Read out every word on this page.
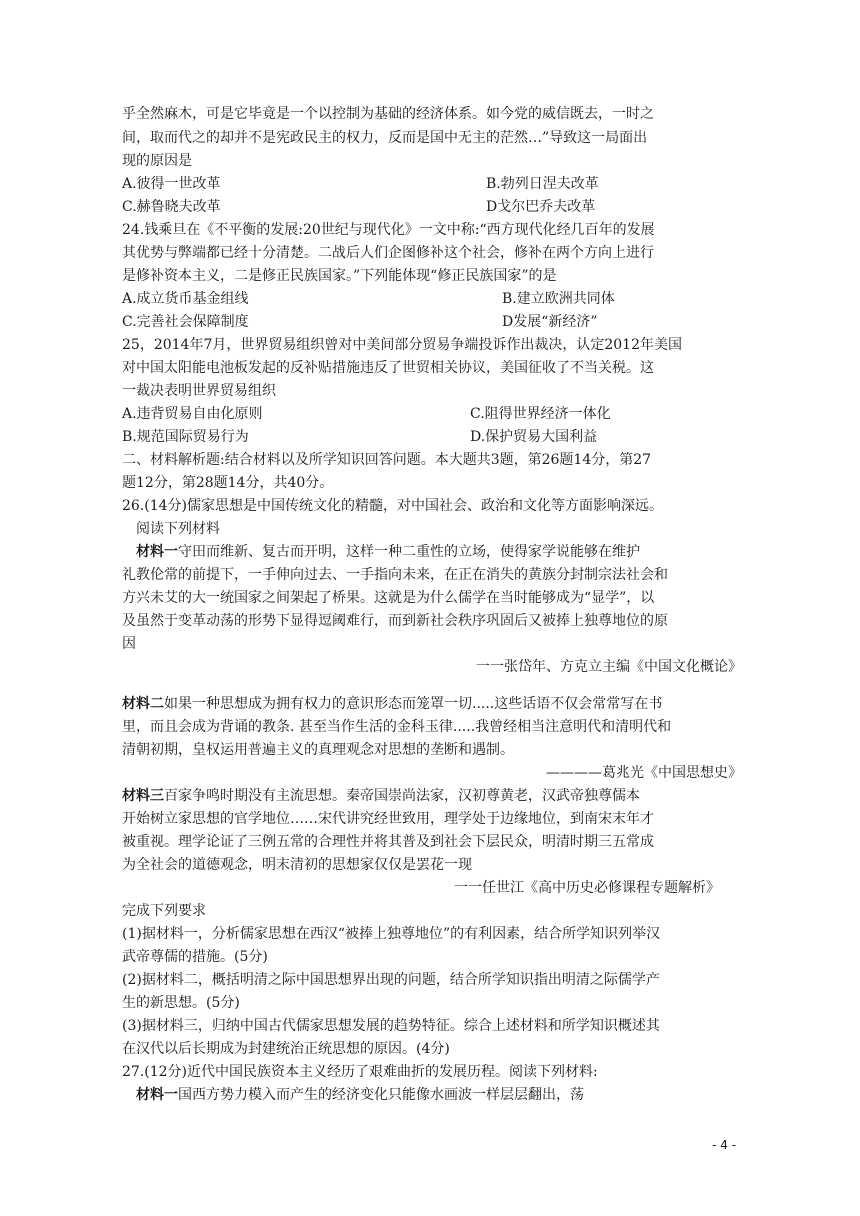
乎全然麻木，可是它毕竟是一个以控制为基础的经济体系。如今党的威信既去，一时之
间，取而代之的却并不是宪政民主的权力，反而是国中无主的茫然…”导致这一局面出
现的原因是
A.彼得一世改革	B.勃列日涅夫改革
C.赫鲁晓夫改革	D戈尔巴乔夫改革
24.钱乘旦在《不平衡的发展:20世纪与现代化》一文中称:“西方现代化经几百年的发展
其优势与弊端都已经十分清楚。二战后人们企图修补这个社会，修补在两个方向上进行
是修补资本主义，二是修正民族国家。”下列能体现“修正民族国家”的是
A.成立货币基金组线	B.建立欧洲共同体
C.完善社会保障制度	D发展“新经济”
25，2014年7月，世界贸易组织曾对中美间部分贸易争端投诉作出裁决，认定2012年美国
对中国太阳能电池板发起的反补贴措施违反了世贸相关协议，美国征收了不当关税。这
一裁决表明世界贸易组织
A.违背贸易自由化原则	C.阻得世界经济一体化
B.规范国际贸易行为	D.保护贸易大国利益
二、材料解析题:结合材料以及所学知识回答问题。本大题共3题，第26题14分，第27
题12分，第28题14分，共40分。
26.(14分)儒家思想是中国传统文化的精髓，对中国社会、政治和文化等方面影响深远。
阅读下列材料
材料一守田而维新、复古而开明，这样一种二重性的立场，使得家学说能够在维护
礼教伦常的前提下，一手伸向过去、一手指向未来，在正在消失的黄族分封制宗法社会和
方兴未艾的大一统国家之间架起了桥果。这就是为什么儒学在当时能够成为“显学”，以
及虽然于变革动荡的形势下显得逗阈难行，而到新社会秩序巩固后又被捧上独尊地位的原
因
一一张岱年、方克立主编《中国文化概论》
材料二如果一种思想成为拥有权力的意识形态而笼罩一切.....这些话语不仅会常常写在书
里，而且会成为背诵的教条. 甚至当作生活的金科玉律.....我曾经相当注意明代和清明代和
清朝初期，皇权运用普遍主义的真理观念对思想的垄断和遇制。
————葛兆光《中国思想史》
材料三百家争鸣时期没有主流思想。秦帝国崇尚法家，汉初尊黄老，汉武帝独尊儒本
开始树立家思想的官学地位……宋代讲究经世致用，理学处于边缘地位，到南宋末年才
被重视。理学论证了三例五常的合理性并将其普及到社会下层民众，明清时期三五常成
为全社会的道德观念，明末清初的思想家仅仅是罢花一现
一一任世江《高中历史必修课程专题解析》
完成下列要求
(1)据材料一，分析儒家思想在西汉“被捧上独尊地位”的有利因素，结合所学知识列举汉
武帝尊儒的措施。(5分)
(2)据材料二，概括明清之际中国思想界出现的问题，结合所学知识指出明清之际儒学产
生的新思想。(5分)
(3)据材料三，归纳中国古代儒家思想发展的趋势特征。综合上述材料和所学知识概述其
在汉代以后长期成为封建统治正统思想的原因。(4分)
27.(12分)近代中国民族资本主义经历了艰难曲折的发展历程。阅读下列材料:
材料一国西方势力模入而产生的经济变化只能像水画波一样层层翻出，荡
- 4 -
